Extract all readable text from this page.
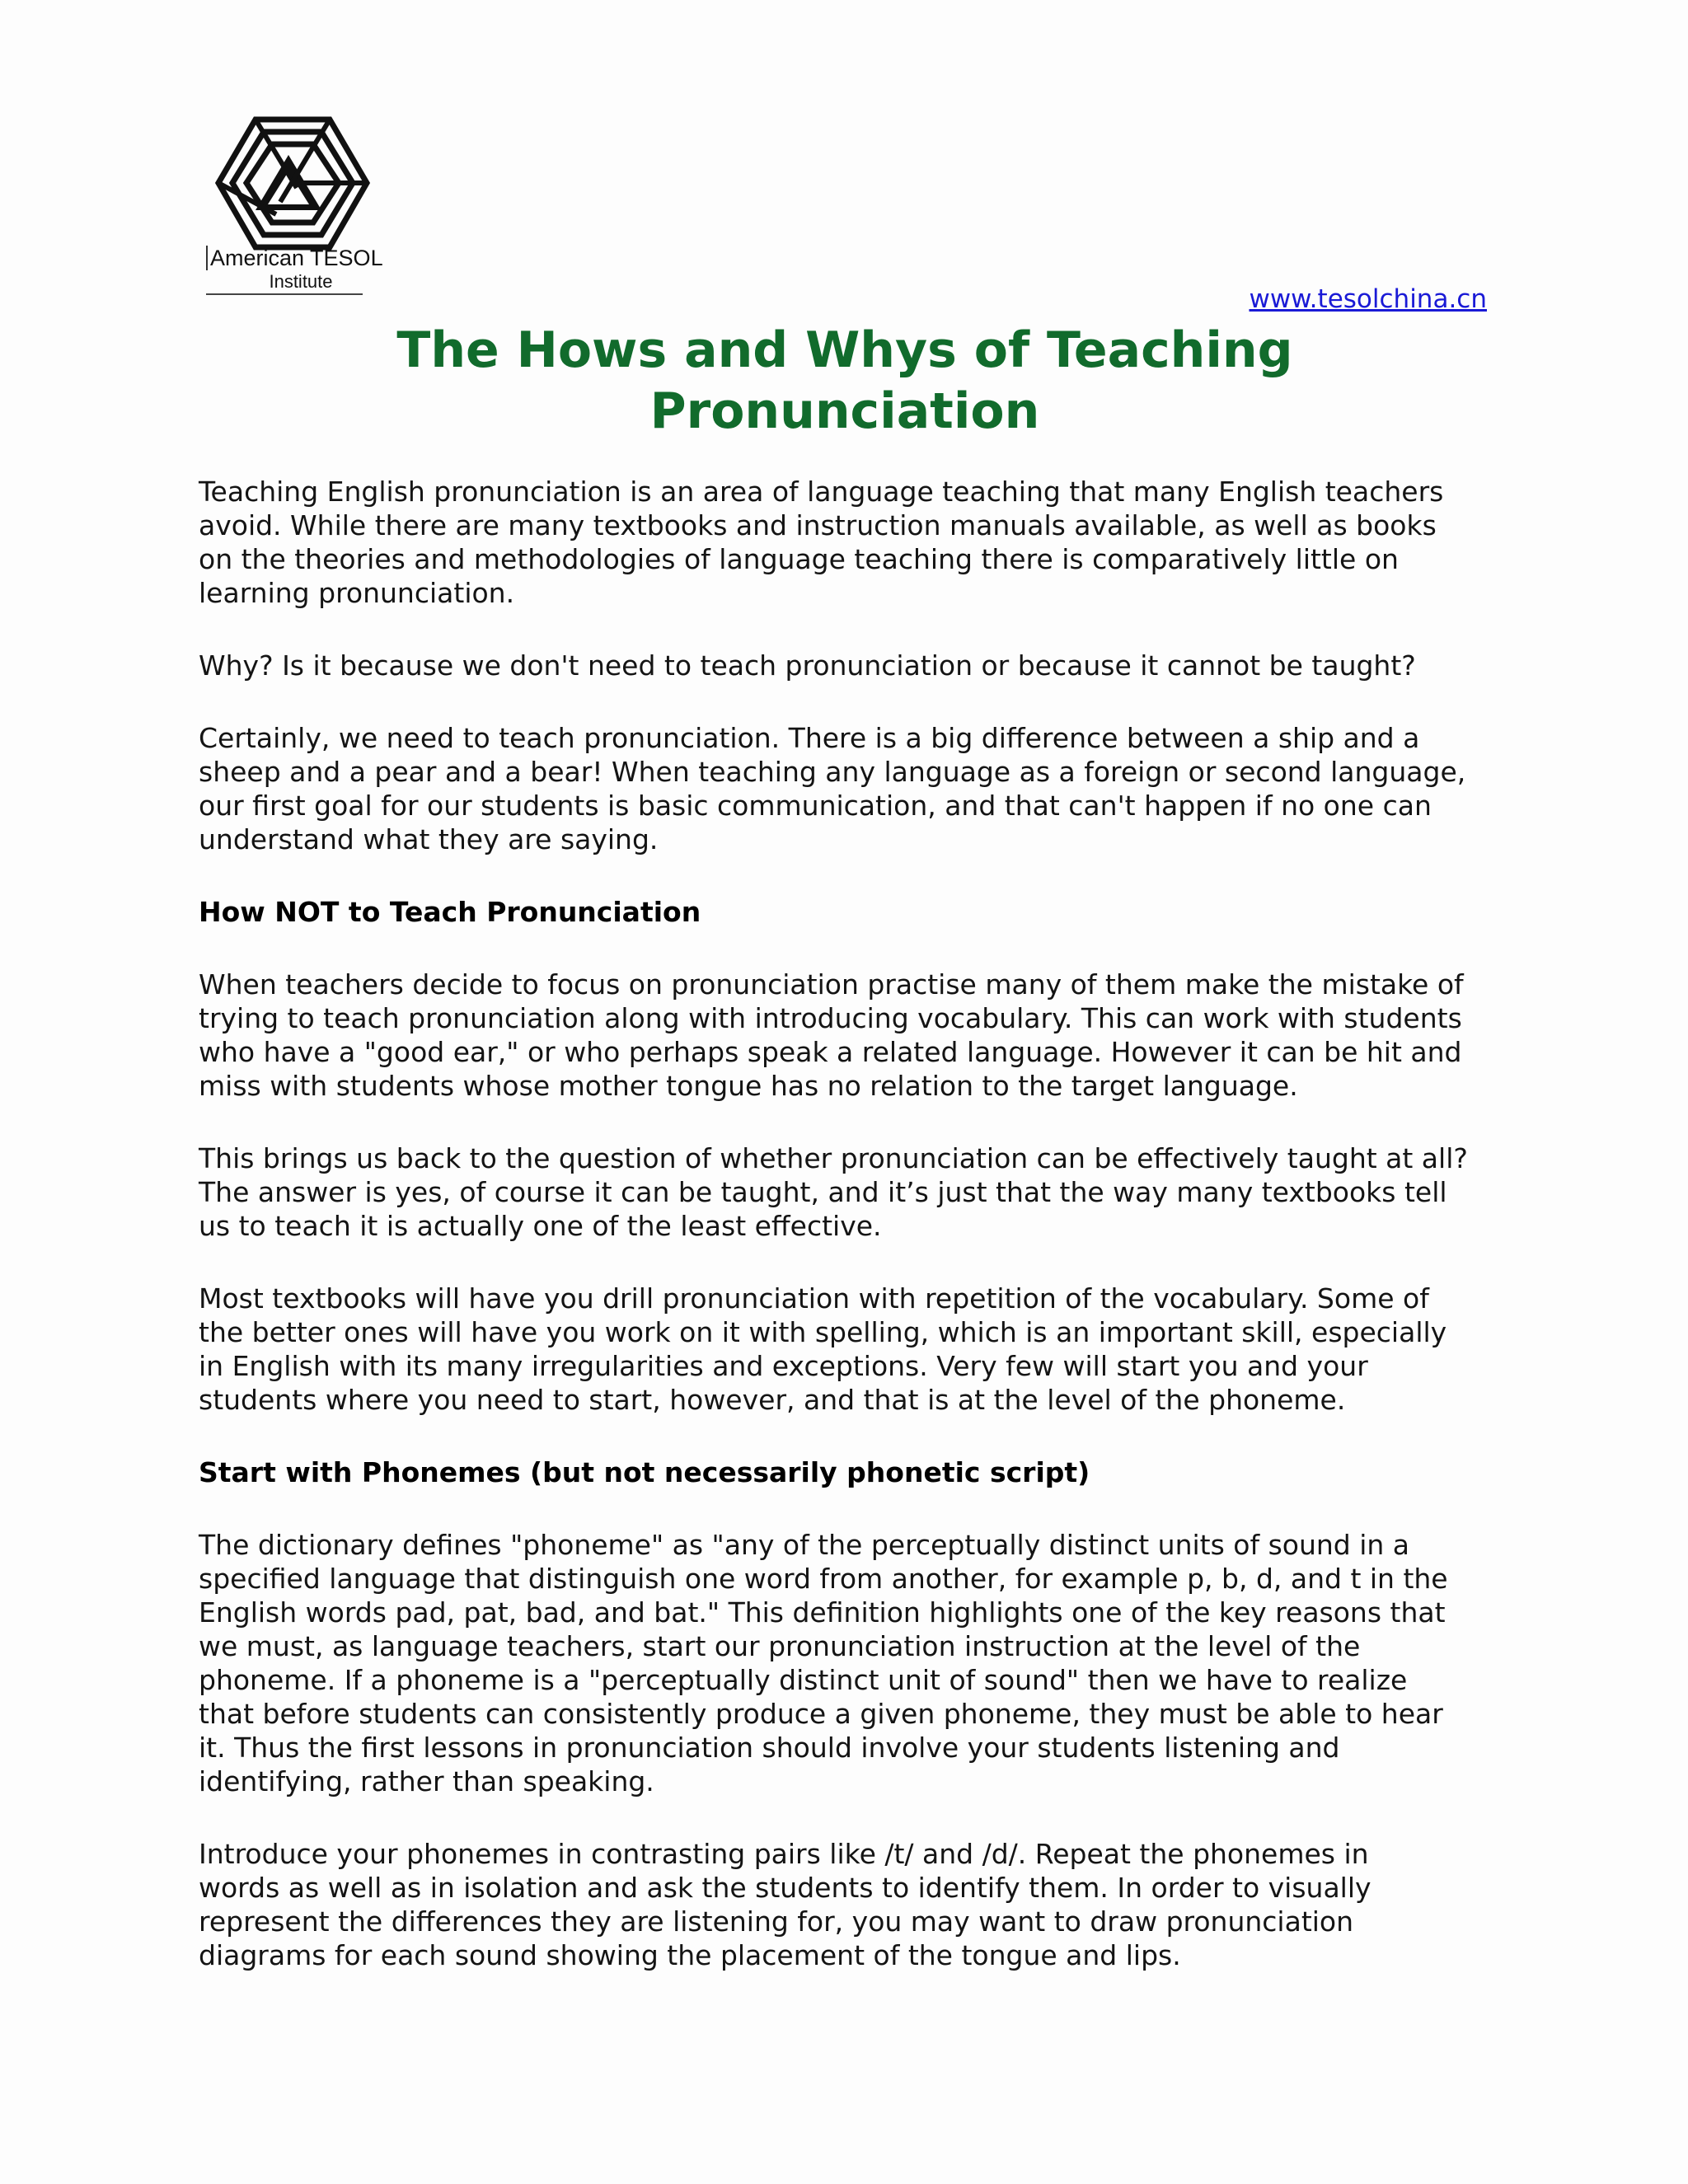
American TESOL
Institute
www.tesolchina.cn
The Hows and Whys of Teaching
Pronunciation

Teaching English pronunciation is an area of language teaching that many English teachers
avoid. While there are many textbooks and instruction manuals available, as well as books
on the theories and methodologies of language teaching there is comparatively little on
learning pronunciation.

Why? Is it because we don't need to teach pronunciation or because it cannot be taught?

Certainly, we need to teach pronunciation. There is a big difference between a ship and a
sheep and a pear and a bear! When teaching any language as a foreign or second language,
our first goal for our students is basic communication, and that can't happen if no one can
understand what they are saying.

How NOT to Teach Pronunciation

When teachers decide to focus on pronunciation practise many of them make the mistake of
trying to teach pronunciation along with introducing vocabulary. This can work with students
who have a "good ear," or who perhaps speak a related language. However it can be hit and
miss with students whose mother tongue has no relation to the target language.

This brings us back to the question of whether pronunciation can be effectively taught at all?
The answer is yes, of course it can be taught, and it’s just that the way many textbooks tell
us to teach it is actually one of the least effective.

Most textbooks will have you drill pronunciation with repetition of the vocabulary. Some of
the better ones will have you work on it with spelling, which is an important skill, especially
in English with its many irregularities and exceptions. Very few will start you and your
students where you need to start, however, and that is at the level of the phoneme.

Start with Phonemes (but not necessarily phonetic script)

The dictionary defines "phoneme" as "any of the perceptually distinct units of sound in a
specified language that distinguish one word from another, for example p, b, d, and t in the
English words pad, pat, bad, and bat." This definition highlights one of the key reasons that
we must, as language teachers, start our pronunciation instruction at the level of the
phoneme. If a phoneme is a "perceptually distinct unit of sound" then we have to realize
that before students can consistently produce a given phoneme, they must be able to hear
it. Thus the first lessons in pronunciation should involve your students listening and
identifying, rather than speaking.

Introduce your phonemes in contrasting pairs like /t/ and /d/. Repeat the phonemes in
words as well as in isolation and ask the students to identify them. In order to visually
represent the differences they are listening for, you may want to draw pronunciation
diagrams for each sound showing the placement of the tongue and lips.
